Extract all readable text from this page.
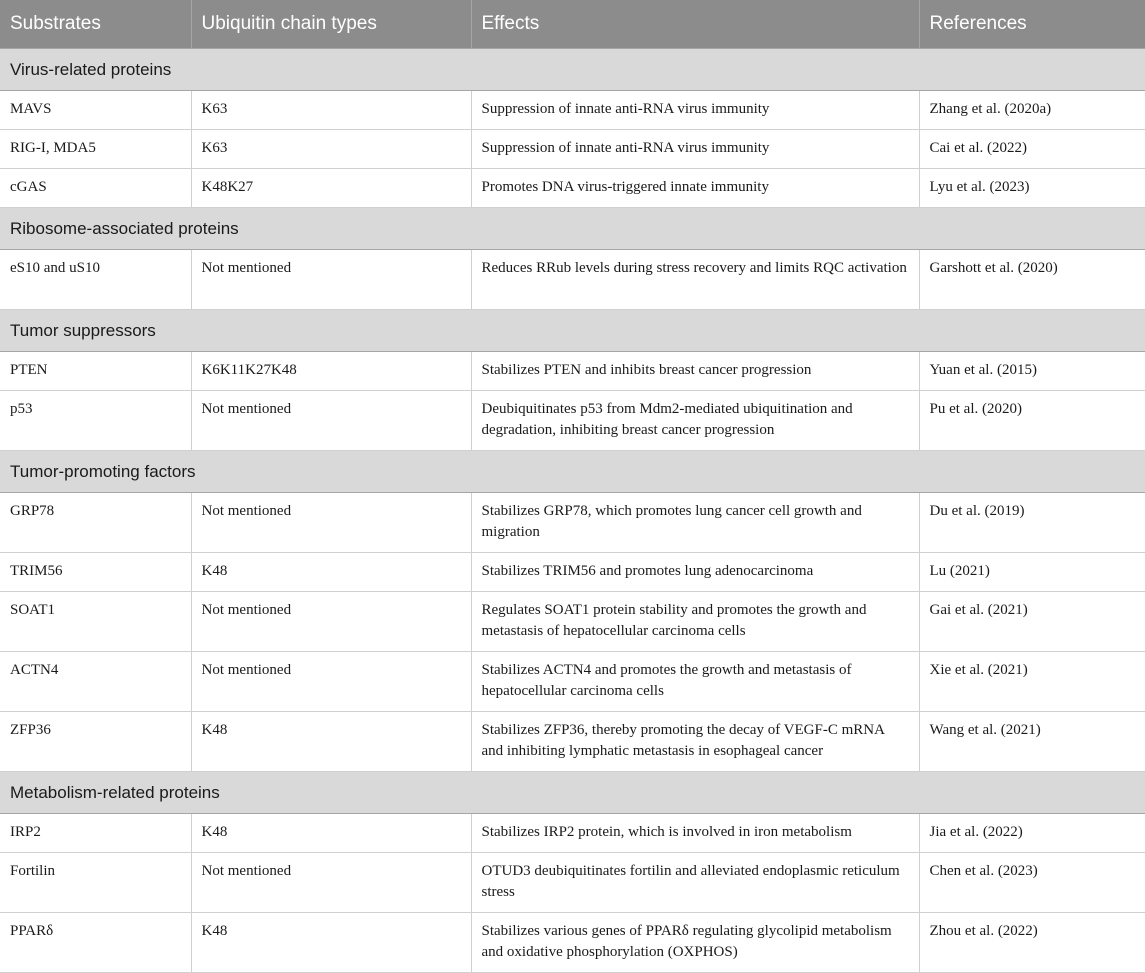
Substrates	Ubiquitin chain types	Effects	References
Virus-related proteins			
MAVS	K63	Suppression of innate anti-RNA virus immunity	Zhang et al. (2020a)
RIG-I, MDA5	K63	Suppression of innate anti-RNA virus immunity	Cai et al. (2022)
cGAS	K48K27	Promotes DNA virus-triggered innate immunity	Lyu et al. (2023)
Ribosome-associated proteins			
eS10 and uS10	Not mentioned	Reduces RRub levels during stress recovery and limits RQC activation	Garshott et al. (2020)
Tumor suppressors			
PTEN	K6K11K27K48	Stabilizes PTEN and inhibits breast cancer progression	Yuan et al. (2015)
p53	Not mentioned	Deubiquitinates p53 from Mdm2-mediated ubiquitination and degradation, inhibiting breast cancer progression	Pu et al. (2020)
Tumor-promoting factors			
GRP78	Not mentioned	Stabilizes GRP78, which promotes lung cancer cell growth and migration	Du et al. (2019)
TRIM56	K48	Stabilizes TRIM56 and promotes lung adenocarcinoma	Lu (2021)
SOAT1	Not mentioned	Regulates SOAT1 protein stability and promotes the growth and metastasis of hepatocellular carcinoma cells	Gai et al. (2021)
ACTN4	Not mentioned	Stabilizes ACTN4 and promotes the growth and metastasis of hepatocellular carcinoma cells	Xie et al. (2021)
ZFP36	K48	Stabilizes ZFP36, thereby promoting the decay of VEGF-C mRNA and inhibiting lymphatic metastasis in esophageal cancer	Wang et al. (2021)
Metabolism-related proteins			
IRP2	K48	Stabilizes IRP2 protein, which is involved in iron metabolism	Jia et al. (2022)
Fortilin	Not mentioned	OTUD3 deubiquitinates fortilin and alleviated endoplasmic reticulum stress	Chen et al. (2023)
PPARδ	K48	Stabilizes various genes of PPARδ regulating glycolipid metabolism and oxidative phosphorylation (OXPHOS)	Zhou et al. (2022)
